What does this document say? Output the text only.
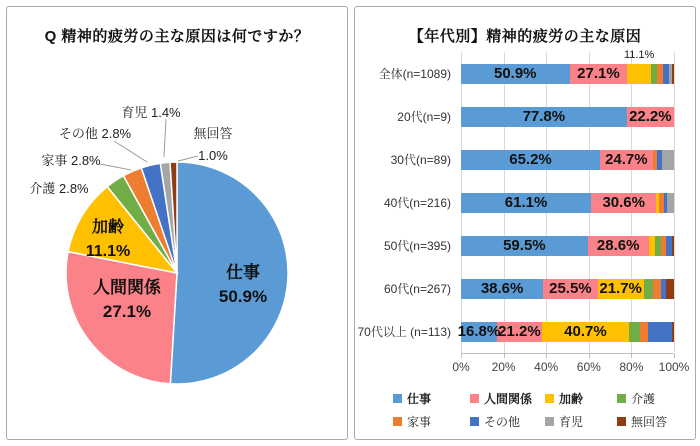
Q 精神的疲労の主な原因は何ですか？
仕事 50.9%
人間関係 27.1%
加齢 11.1%
介護 2.8%
家事 2.8%
その他 2.8%
育児 1.4%
無回答 1.0%
【年代別】精神的疲労の主な原因
全体(n=1089)
20代(n=9)
30代(n=89)
40代(n=216)
50代(n=395)
60代(n=267)
70代以上 (n=113)
50.9%	27.1%
11.1%
77.8%	22.2%
65.2%	24.7%
61.1%	30.6%
59.5%	28.6%
38.6% 25.5% 21.7%
16.8%
21.2% 40.7%
0%	20%	40%	60%	80%	100%
仕事	人間関係 加齢	介護
家事	その他	育児	無回答
